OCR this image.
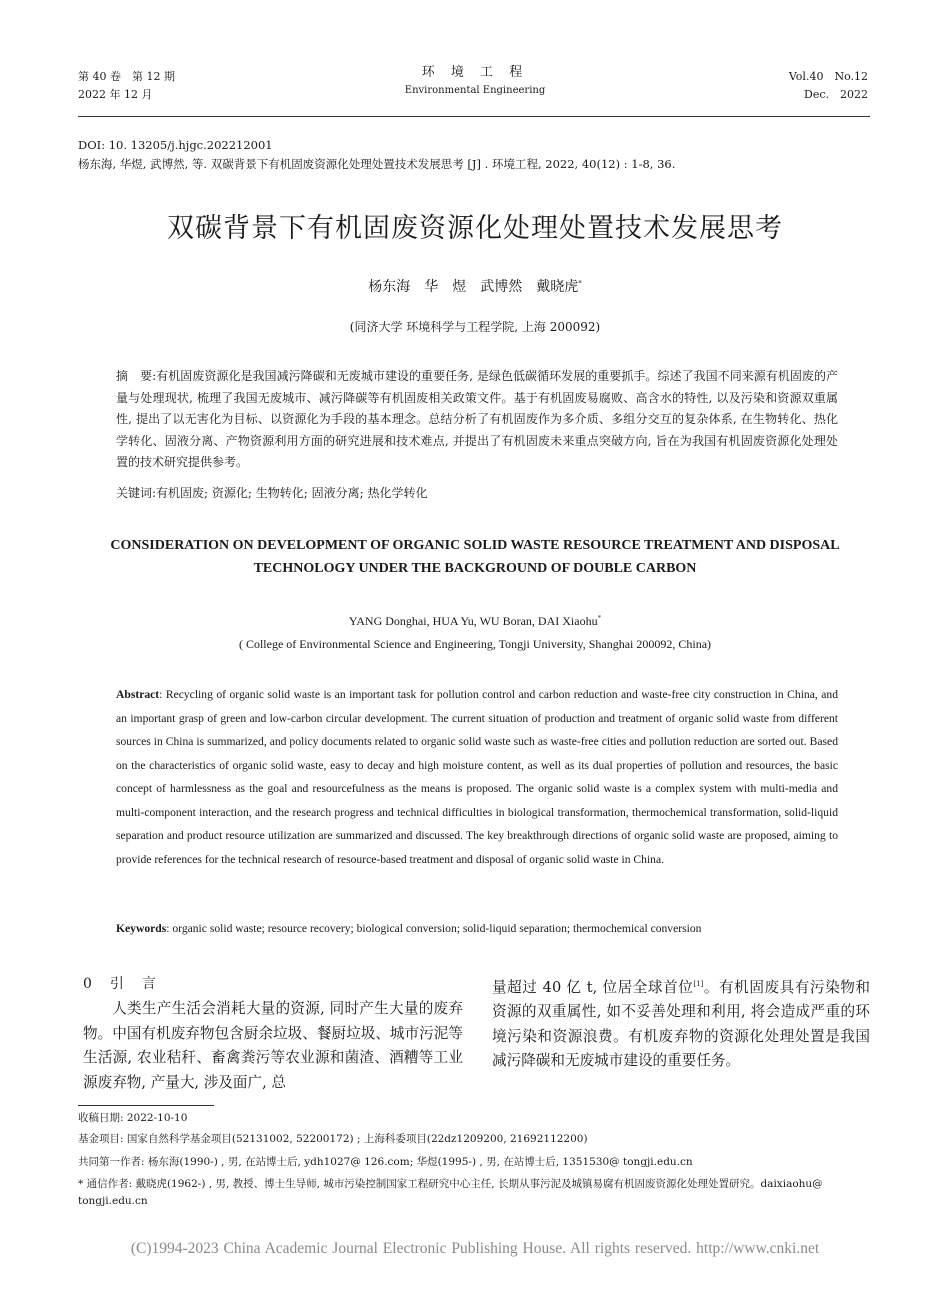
第 40 卷　第 12 期
2022 年 12 月
环 境 工 程
Environmental Engineering
Vol.40　No.12
Dec.　2022
DOI: 10. 13205/j.hjgc.202212001
杨东海, 华煜, 武博然, 等. 双碳背景下有机固废资源化处理处置技术发展思考 [J] . 环境工程, 2022, 40(12) : 1-8, 36.
双碳背景下有机固废资源化处理处置技术发展思考
杨东海　华　煜　武博然　戴晓虎*
(同济大学 环境科学与工程学院, 上海 200092)
摘　要:有机固废资源化是我国减污降碳和无废城市建设的重要任务, 是绿色低碳循环发展的重要抓手。综述了我国不同来源有机固废的产量与处理现状, 梳理了我国无废城市、减污降碳等有机固废相关政策文件。基于有机固废易腐败、高含水的特性, 以及污染和资源双重属性, 提出了以无害化为目标、以资源化为手段的基本理念。总结分析了有机固废作为多介质、多组分交互的复杂体系, 在生物转化、热化学转化、固液分离、产物资源利用方面的研究进展和技术难点, 并提出了有机固废未来重点突破方向, 旨在为我国有机固废资源化处理处置的技术研究提供参考。
关键词:有机固废; 资源化; 生物转化; 固液分离; 热化学转化
CONSIDERATION ON DEVELOPMENT OF ORGANIC SOLID WASTE RESOURCE TREATMENT AND DISPOSAL TECHNOLOGY UNDER THE BACKGROUND OF DOUBLE CARBON
YANG Donghai, HUA Yu, WU Boran, DAI Xiaohu*
( College of Environmental Science and Engineering, Tongji University, Shanghai 200092, China)
Abstract: Recycling of organic solid waste is an important task for pollution control and carbon reduction and waste-free city construction in China, and an important grasp of green and low-carbon circular development. The current situation of production and treatment of organic solid waste from different sources in China is summarized, and policy documents related to organic solid waste such as waste-free cities and pollution reduction are sorted out. Based on the characteristics of organic solid waste, easy to decay and high moisture content, as well as its dual properties of pollution and resources, the basic concept of harmlessness as the goal and resourcefulness as the means is proposed. The organic solid waste is a complex system with multi-media and multi-component interaction, and the research progress and technical difficulties in biological transformation, thermochemical transformation, solid-liquid separation and product resource utilization are summarized and discussed. The key breakthrough directions of organic solid waste are proposed, aiming to provide references for the technical research of resource-based treatment and disposal of organic solid waste in China.
Keywords: organic solid waste; resource recovery; biological conversion; solid-liquid separation; thermochemical conversion
0　引　言
人类生产生活会消耗大量的资源, 同时产生大量的废弃物。中国有机废弃物包含厨余垃圾、餐厨垃圾、城市污泥等生活源, 农业秸秆、畜禽粪污等农业源和菌渣、酒糟等工业源废弃物, 产量大, 涉及面广, 总
量超过 40 亿 t, 位居全球首位[1]。有机固废具有污染物和资源的双重属性, 如不妥善处理和利用, 将会造成严重的环境污染和资源浪费。有机废弃物的资源化处理处置是我国减污降碳和无废城市建设的重要任务。
收稿日期: 2022-10-10
基金项目: 国家自然科学基金项目(52131002, 52200172) ; 上海科委项目(22dz1209200, 21692112200)
共同第一作者: 杨东海(1990-) , 男, 在站博士后, ydh1027@ 126.com; 华煜(1995-) , 男, 在站博士后, 1351530@ tongji.edu.cn
* 通信作者: 戴晓虎(1962-) , 男, 教授、博士生导师, 城市污染控制国家工程研究中心主任, 长期从事污泥及城镇易腐有机固废资源化处理处置研究。daixiaohu@ tongji.edu.cn
(C)1994-2023 China Academic Journal Electronic Publishing House. All rights reserved. http://www.cnki.net
